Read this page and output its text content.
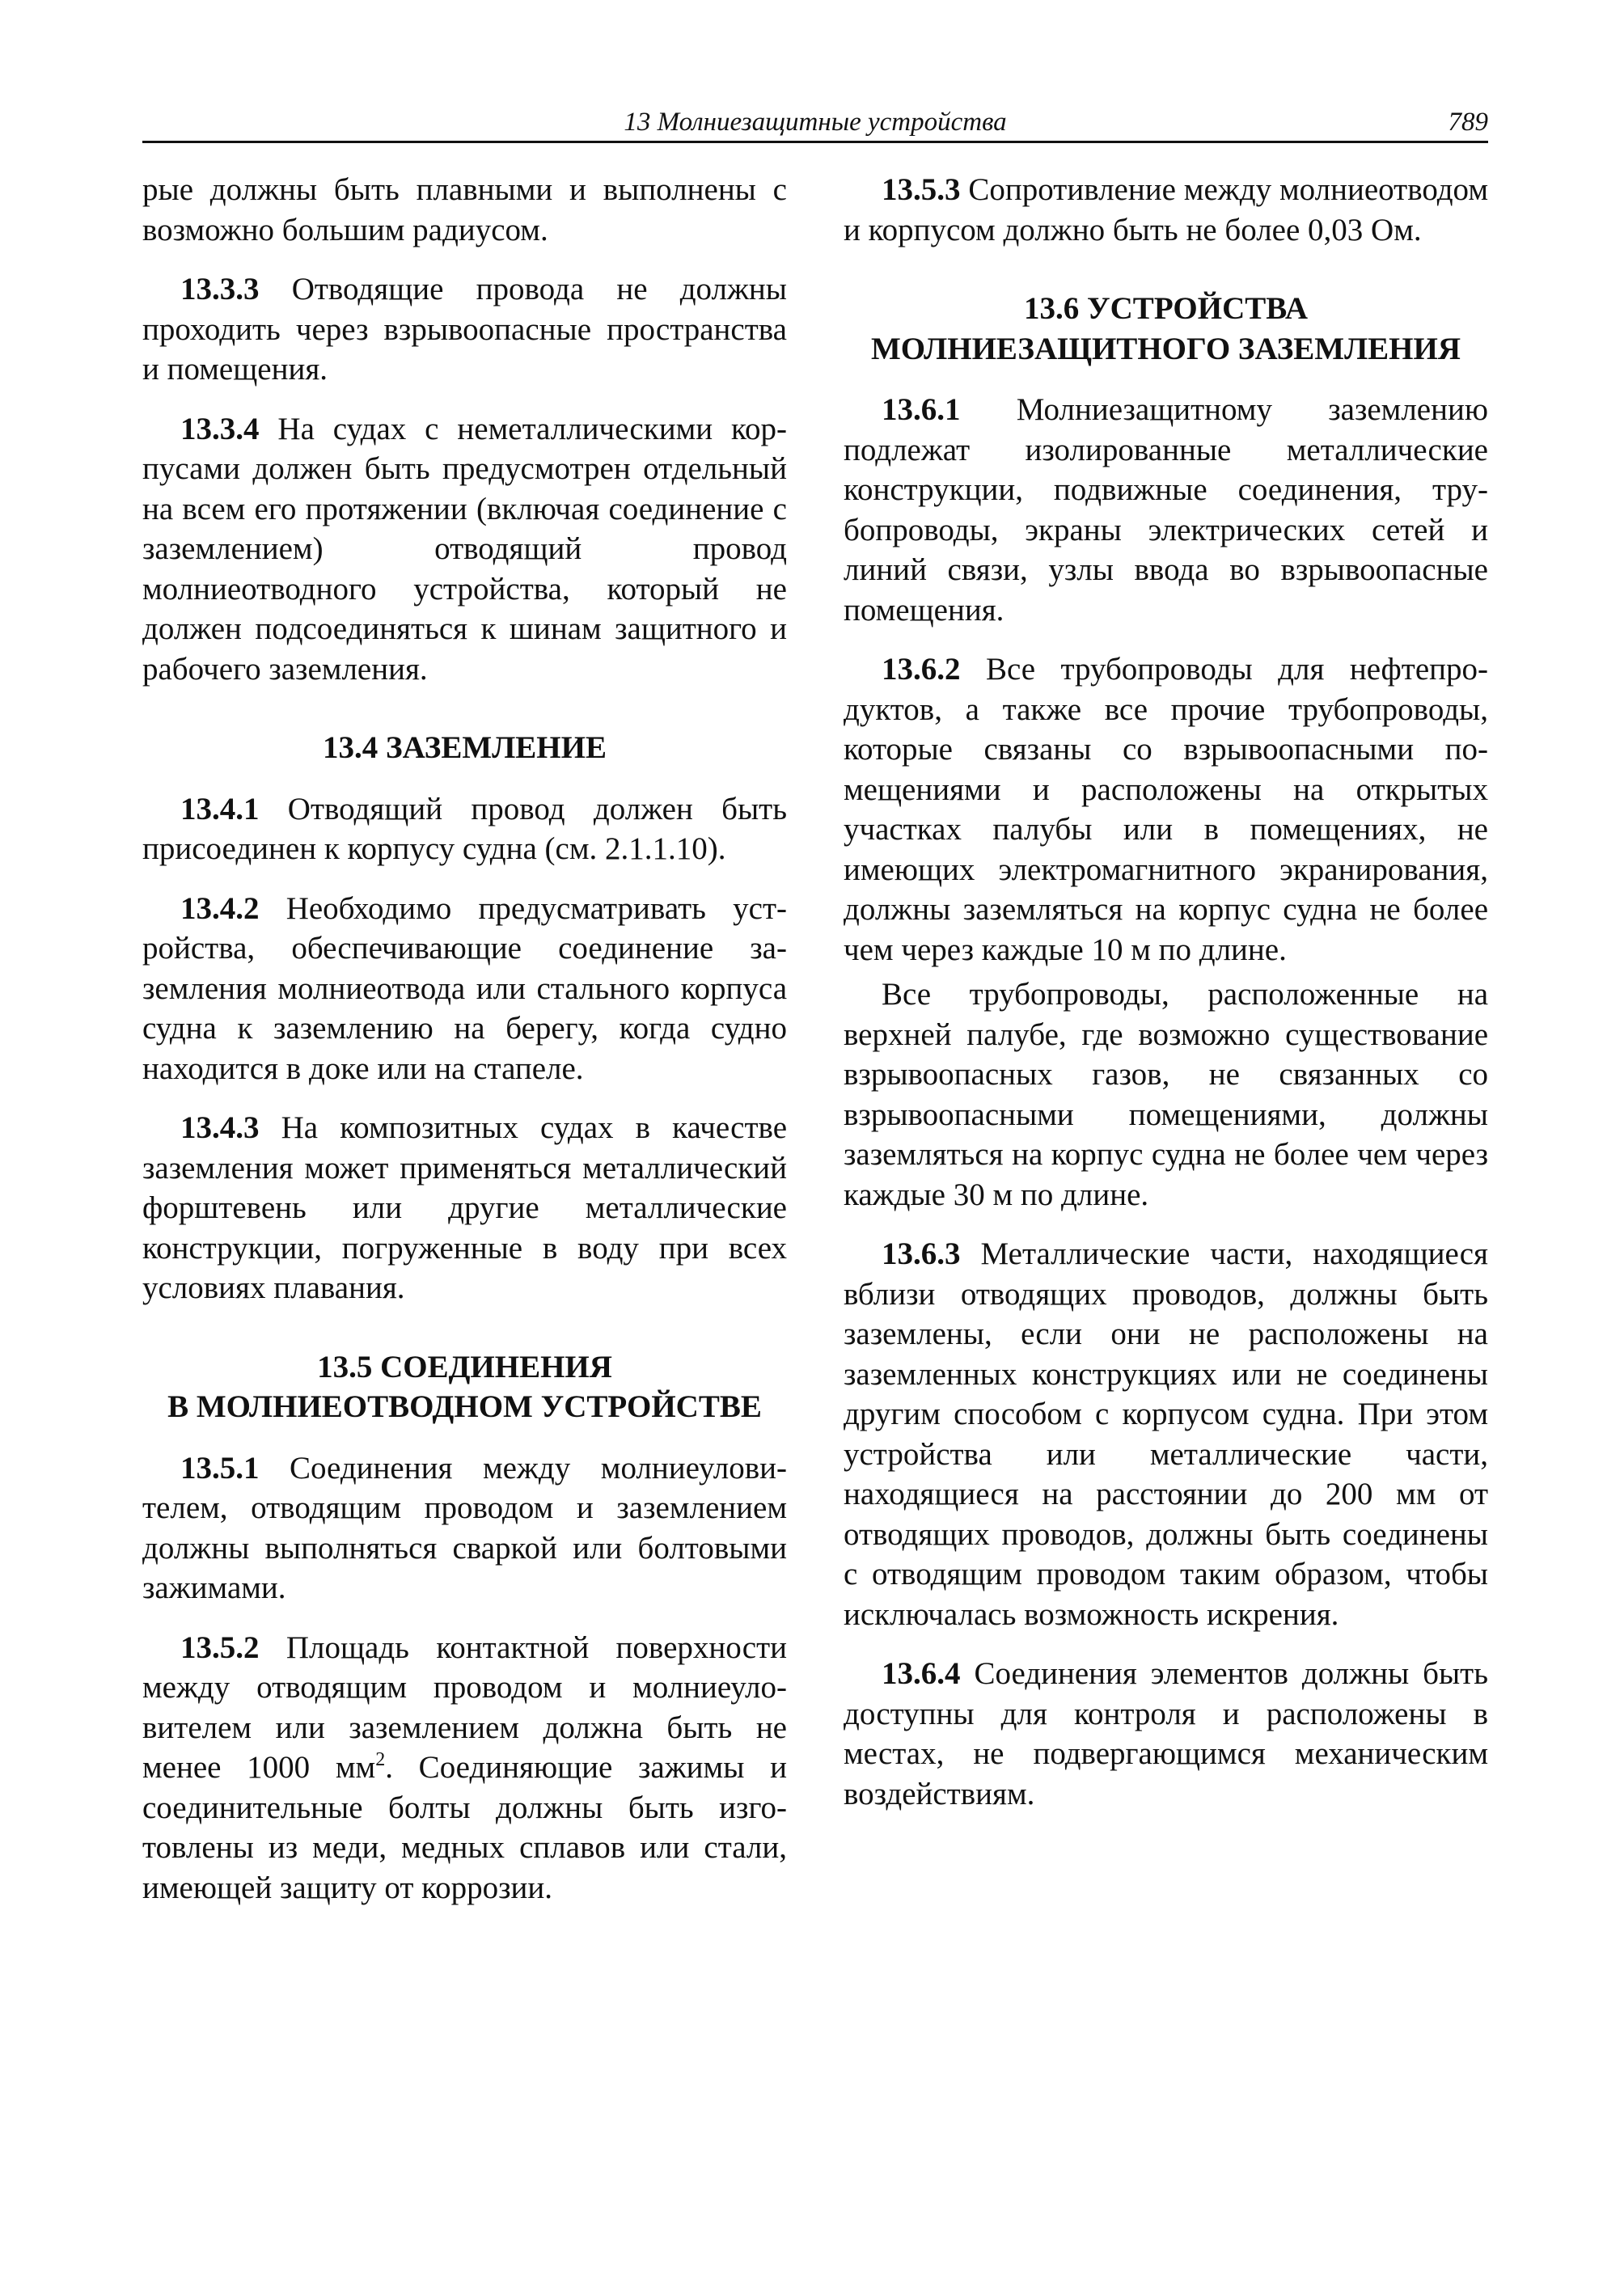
13 Молниезащитные устройства	789

рые должны быть плавными и выполнены с возможно большим радиусом.

13.3.3 Отводящие провода не должны проходить через взрывоопасные пространства и помещения.

13.3.4 На судах с неметаллическими корпусами должен быть предусмотрен отдельный на всем его протяжении (включая соединение с заземлением) отводящий провод молниеотводного устройства, который не должен подсоединяться к шинам защитного и рабочего заземления.

13.4 ЗАЗЕМЛЕНИЕ

13.4.1 Отводящий провод должен быть присоединен к корпусу судна (см. 2.1.1.10).

13.4.2 Необходимо предусматривать устройства, обеспечивающие соединение заземления молниеотвода или стального корпуса судна к заземлению на берегу, когда судно находится в доке или на стапеле.

13.4.3 На композитных судах в качестве заземления может применяться металлический форштевень или другие металлические конструкции, погруженные в воду при всех условиях плавания.

13.5 СОЕДИНЕНИЯ
В МОЛНИЕОТВОДНОМ УСТРОЙСТВЕ

13.5.1 Соединения между молниеуловителем, отводящим проводом и заземлением должны выполняться сваркой или болтовыми зажимами.

13.5.2 Площадь контактной поверхности между отводящим проводом и молниеуловителем или заземлением должна быть не менее 1000 $мм^2$. Соединяющие зажимы и соединительные болты должны быть изготовлены из меди, медных сплавов или стали, имеющей защиту от коррозии.

13.5.3 Сопротивление между молниеотводом и корпусом должно быть не более 0,03 Ом.

13.6 УСТРОЙСТВА
МОЛНИЕЗАЩИТНОГО ЗАЗЕМЛЕНИЯ

13.6.1 Молниезащитному заземлению подлежат изолированные металлические конструкции, подвижные соединения, трубопроводы, экраны электрических сетей и линий связи, узлы ввода во взрывоопасные помещения.

13.6.2 Все трубопроводы для нефтепродуктов, а также все прочие трубопроводы, которые связаны со взрывоопасными помещениями и расположены на открытых участках палубы или в помещениях, не имеющих электромагнитного экранирования, должны заземляться на корпус судна не более чем через каждые 10 м по длине.

Все трубопроводы, расположенные на верхней палубе, где возможно существование взрывоопасных газов, не связанных со взрывоопасными помещениями, должны заземляться на корпус судна не более чем через каждые 30 м по длине.

13.6.3 Металлические части, находящиеся вблизи отводящих проводов, должны быть заземлены, если они не расположены на заземленных конструкциях или не соединены другим способом с корпусом судна. При этом устройства или металлические части, находящиеся на расстоянии до 200 мм от отводящих проводов, должны быть соединены с отводящим проводом таким образом, чтобы исключалась возможность искрения.

13.6.4 Соединения элементов должны быть доступны для контроля и расположены в местах, не подвергающимся механическим воздействиям.
